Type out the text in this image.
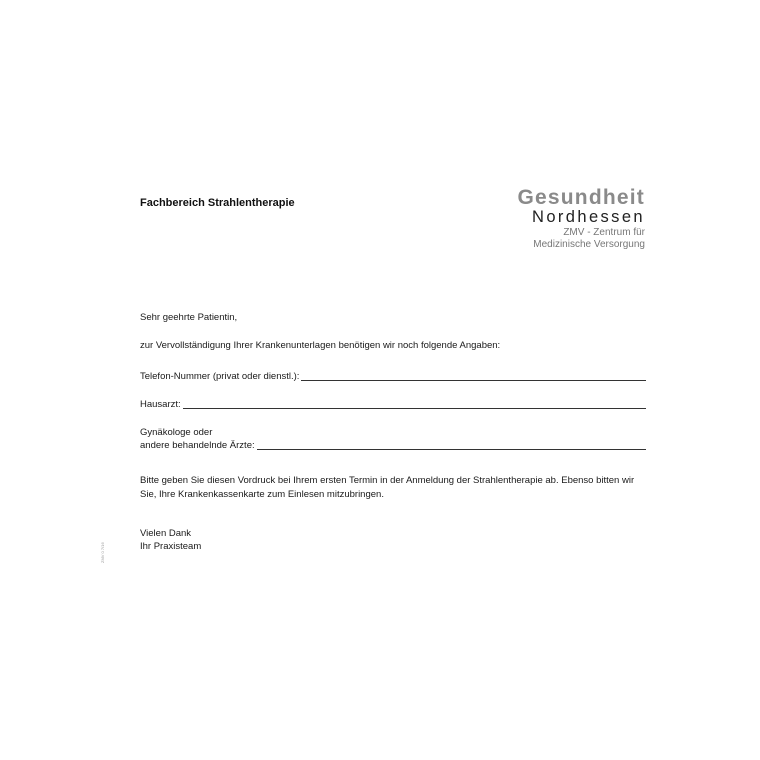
Fachbereich Strahlentherapie	Gesundheit
Nordhessen
ZMV - Zentrum für
Medizinische Versorgung
Sehr geehrte Patientin,
zur Vervollständigung Ihrer Krankenunterlagen benötigen wir noch folgende Angaben:
Telefon-Nummer (privat oder dienstl.):
Hausarzt:
Gynäkologe oder
andere behandelnde Ärzte:
Bitte geben Sie diesen Vordruck bei Ihrem ersten Termin in der Anmeldung der Strahlentherapie ab. Ebenso bitten wir Sie, Ihre Krankenkassenkarte zum Einlesen mitzubringen.
Vielen Dank
Ihr Praxisteam
ZMV 0 7/16
